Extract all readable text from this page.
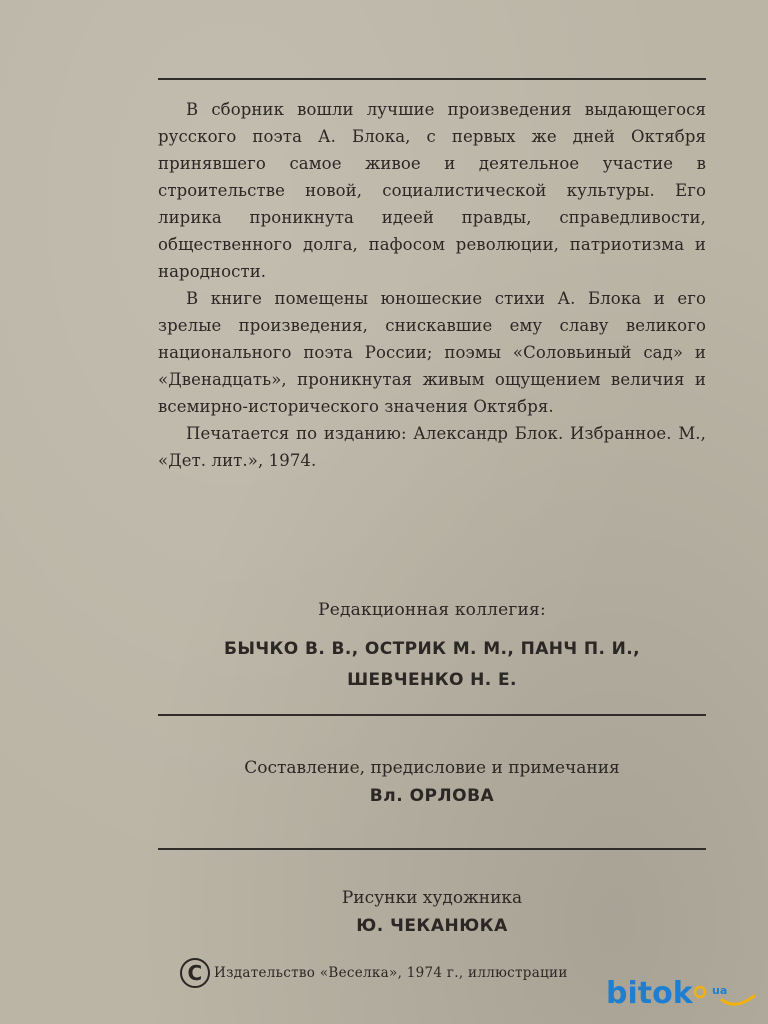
В сборник вошли лучшие произведения выдающегося русского поэта А. Блока, с первых же дней Октября принявшего самое живое и деятельное участие в строительстве новой, социалистической культуры. Его лирика проникнута идеей правды, справедливости, общественного долга, пафосом революции, патриотизма и народности.

В книге помещены юношеские стихи А. Блока и его зрелые произведения, снискавшие ему славу великого национального поэта России; поэмы «Соловьиный сад» и «Двенадцать», проникнутая живым ощущением величия и всемирно-исторического значения Октября.

Печатается по изданию: Александр Блок. Избранное. М., «Дет. лит.», 1974.

Редакционная коллегия:

БЫЧКО В. В., ОСТРИК М. М., ПАНЧ П. И.,
ШЕВЧЕНКО Н. Е.

Составление, предисловие и примечания

Вл. ОРЛОВА

Рисунки художника

Ю. ЧЕКАНЮКА

C Издательство «Веселка», 1974 г., иллюстрации
bitok ua
